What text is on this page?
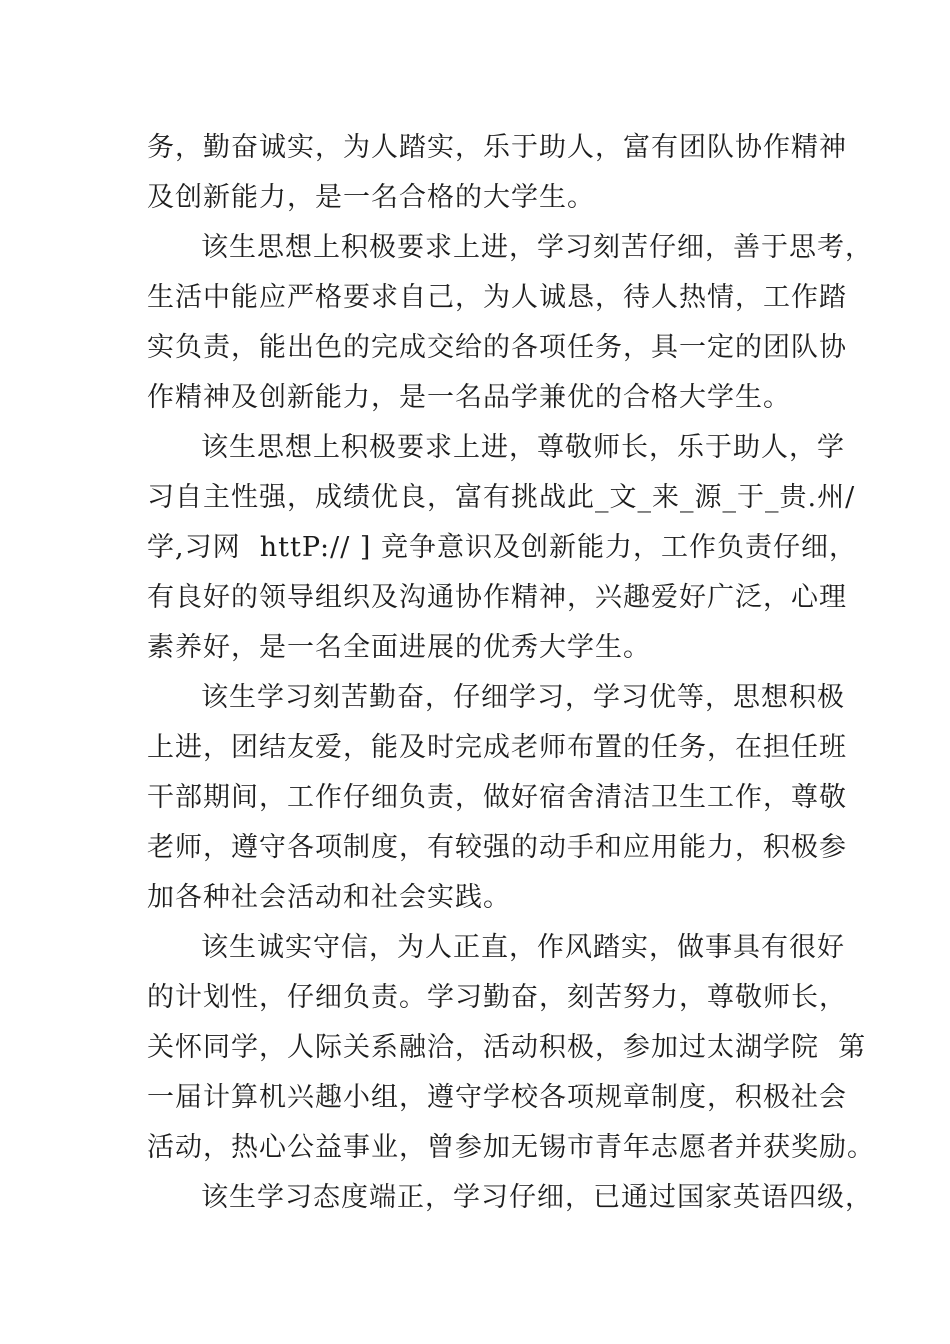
务，勤奋诚实，为人踏实，乐于助人，富有团队协作精神
及创新能力，是一名合格的大学生。
该生思想上积极要求上进，学习刻苦仔细，善于思考，
生活中能应严格要求自己，为人诚恳，待人热情，工作踏
实负责，能出色的完成交给的各项任务，具一定的团队协
作精神及创新能力，是一名品学兼优的合格大学生。
该生思想上积极要求上进，尊敬师长，乐于助人，学
习自主性强，成绩优良，富有挑战此_文_来_源_于_贵.州/
学,习网  httP:// ] 竞争意识及创新能力，工作负责仔细，
有良好的领导组织及沟通协作精神，兴趣爱好广泛，心理
素养好，是一名全面进展的优秀大学生。
该生学习刻苦勤奋，仔细学习，学习优等，思想积极
上进，团结友爱，能及时完成老师布置的任务，在担任班
干部期间，工作仔细负责，做好宿舍清洁卫生工作，尊敬
老师，遵守各项制度，有较强的动手和应用能力，积极参
加各种社会活动和社会实践。
该生诚实守信，为人正直，作风踏实，做事具有很好
的计划性，仔细负责。学习勤奋，刻苦努力，尊敬师长，
关怀同学，人际关系融洽，活动积极，参加过太湖学院  第
一届计算机兴趣小组，遵守学校各项规章制度，积极社会
活动，热心公益事业，曾参加无锡市青年志愿者并获奖励。
该生学习态度端正，学习仔细，已通过国家英语四级，
